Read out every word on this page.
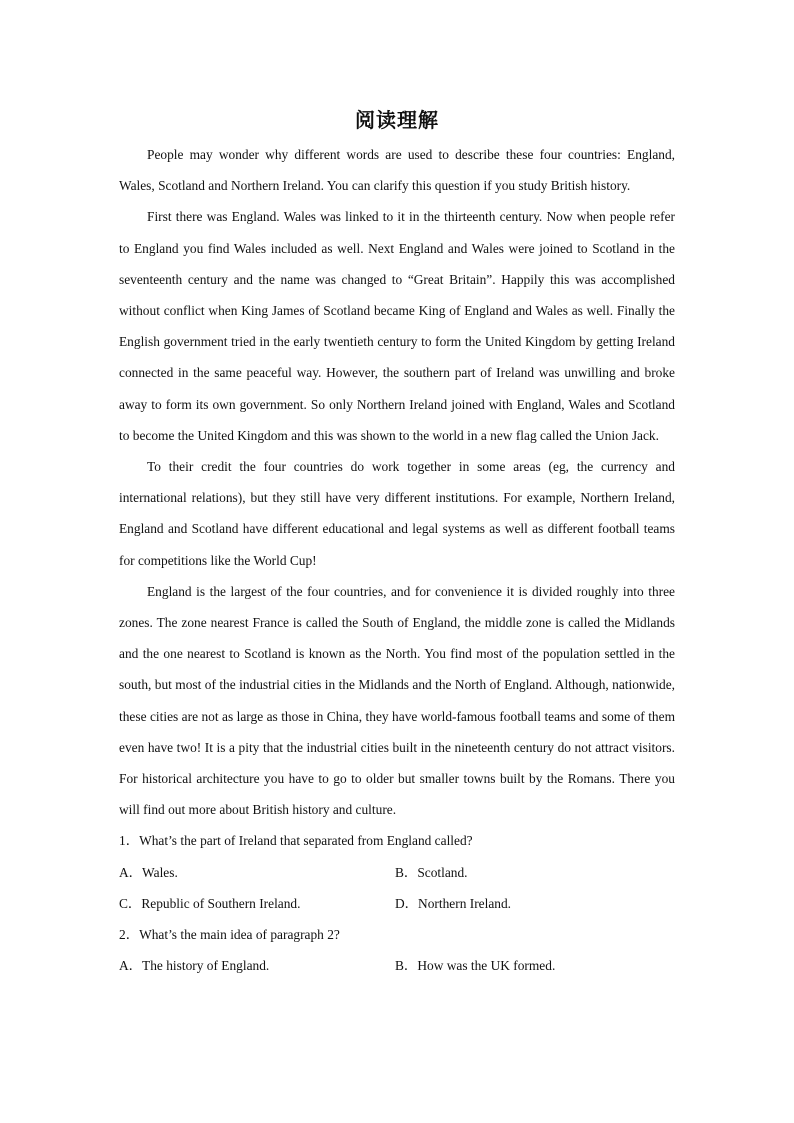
阅读理解

People may wonder why different words are used to describe these four countries: England, Wales, Scotland and Northern Ireland. You can clarify this question if you study British history.

First there was England. Wales was linked to it in the thirteenth century. Now when people refer to England you find Wales included as well. Next England and Wales were joined to Scotland in the seventeenth century and the name was changed to “Great Britain”. Happily this was accomplished without conflict when King James of Scotland became King of England and Wales as well. Finally the English government tried in the early twentieth century to form the United Kingdom by getting Ireland connected in the same peaceful way. However, the southern part of Ireland was unwilling and broke away to form its own government. So only Northern Ireland joined with England, Wales and Scotland to become the United Kingdom and this was shown to the world in a new flag called the Union Jack.

To their credit the four countries do work together in some areas (eg, the currency and international relations), but they still have very different institutions. For example, Northern Ireland, England and Scotland have different educational and legal systems as well as different football teams for competitions like the World Cup!

England is the largest of the four countries, and for convenience it is divided roughly into three zones. The zone nearest France is called the South of England, the middle zone is called the Midlands and the one nearest to Scotland is known as the North. You find most of the population settled in the south, but most of the industrial cities in the Midlands and the North of England. Although, nationwide, these cities are not as large as those in China, they have world-famous football teams and some of them even have two! It is a pity that the industrial cities built in the nineteenth century do not attract visitors. For historical architecture you have to go to older but smaller towns built by the Romans. There you will find out more about British history and culture.

1．What’s the part of Ireland that separated from England called?

A．Wales.	B．Scotland.

C．Republic of Southern Ireland.	D．Northern Ireland.

2．What’s the main idea of paragraph 2?

A．The history of England.	B．How was the UK formed.
